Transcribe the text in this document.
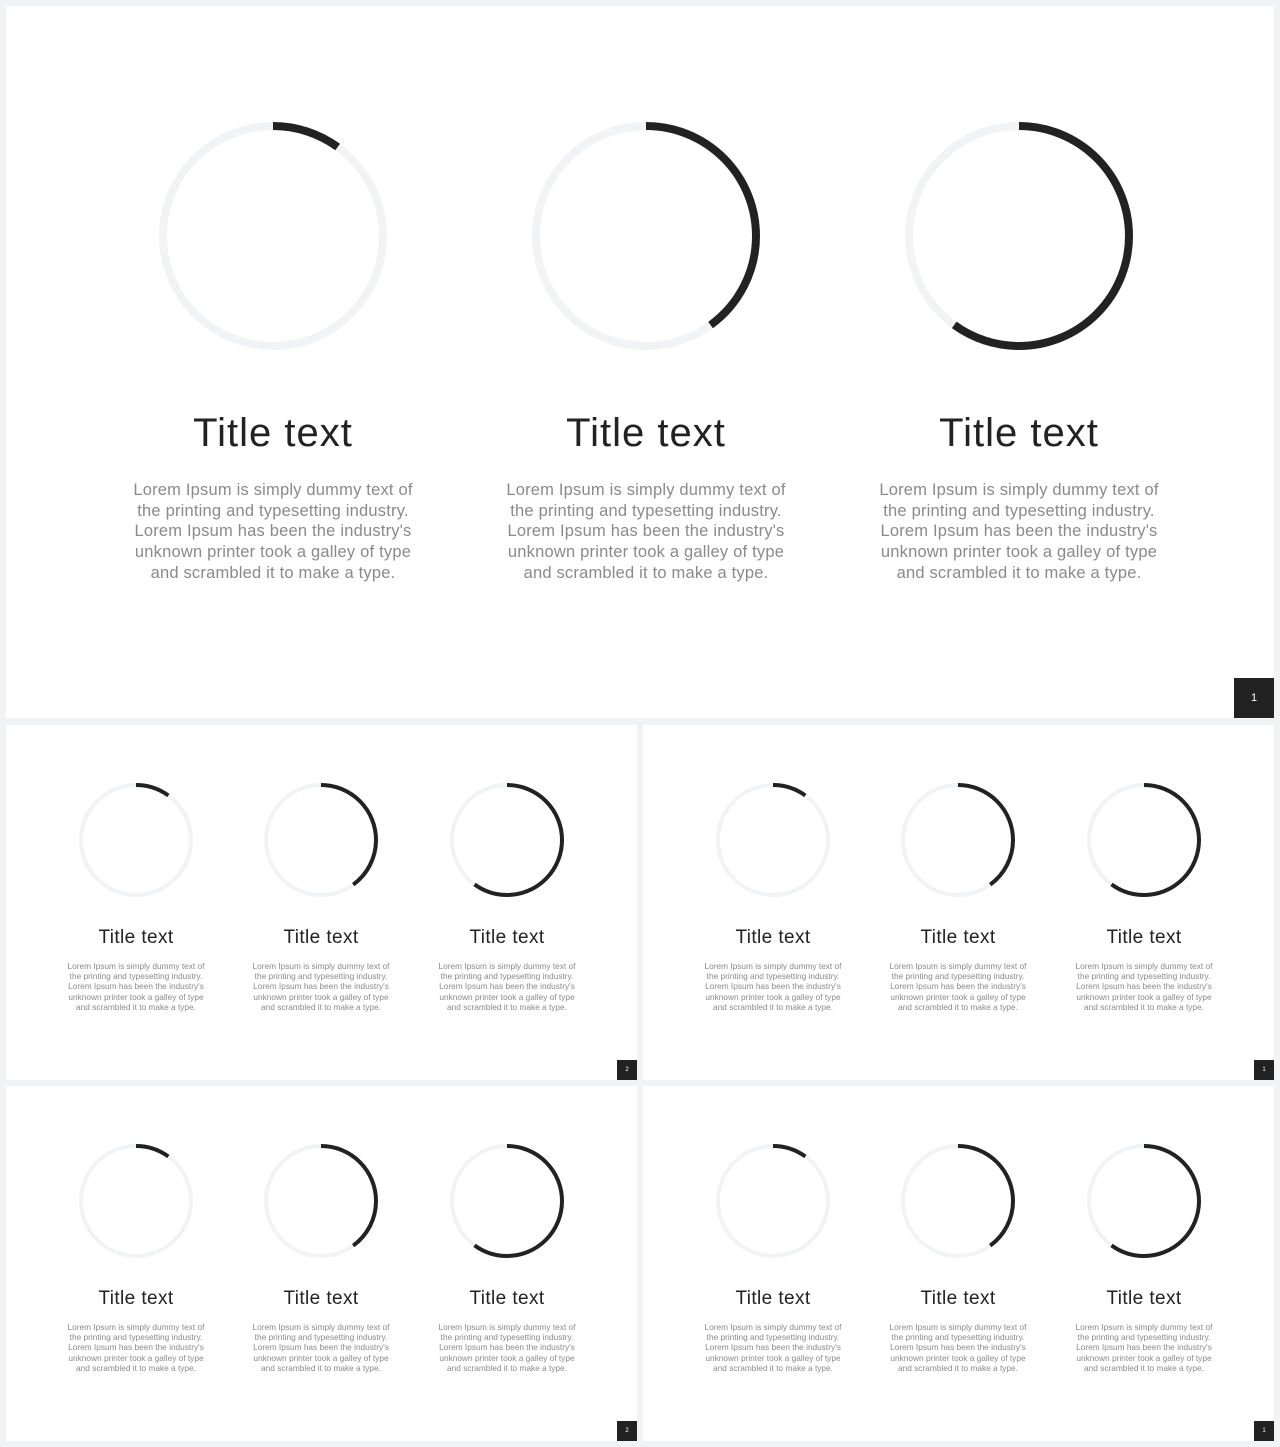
Title text
Lorem Ipsum is simply dummy text of the printing and typesetting industry. Lorem Ipsum has been the industry's unknown printer took a galley of type and scrambled it to make a type.
Title text
Lorem Ipsum is simply dummy text of the printing and typesetting industry. Lorem Ipsum has been the industry's unknown printer took a galley of type and scrambled it to make a type.
Title text
Lorem Ipsum is simply dummy text of the printing and typesetting industry. Lorem Ipsum has been the industry's unknown printer took a galley of type and scrambled it to make a type.
1
Title text
Lorem Ipsum is simply dummy text of the printing and typesetting industry. Lorem Ipsum has been the industry's unknown printer took a galley of type and scrambled it to make a type.
Title text
Lorem Ipsum is simply dummy text of the printing and typesetting industry. Lorem Ipsum has been the industry's unknown printer took a galley of type and scrambled it to make a type.
Title text
Lorem Ipsum is simply dummy text of the printing and typesetting industry. Lorem Ipsum has been the industry's unknown printer took a galley of type and scrambled it to make a type.
2
Title text
Lorem Ipsum is simply dummy text of the printing and typesetting industry. Lorem Ipsum has been the industry's unknown printer took a galley of type and scrambled it to make a type.
Title text
Lorem Ipsum is simply dummy text of the printing and typesetting industry. Lorem Ipsum has been the industry's unknown printer took a galley of type and scrambled it to make a type.
Title text
Lorem Ipsum is simply dummy text of the printing and typesetting industry. Lorem Ipsum has been the industry's unknown printer took a galley of type and scrambled it to make a type.
1
Title text
Lorem Ipsum is simply dummy text of the printing and typesetting industry. Lorem Ipsum has been the industry's unknown printer took a galley of type and scrambled it to make a type.
Title text
Lorem Ipsum is simply dummy text of the printing and typesetting industry. Lorem Ipsum has been the industry's unknown printer took a galley of type and scrambled it to make a type.
Title text
Lorem Ipsum is simply dummy text of the printing and typesetting industry. Lorem Ipsum has been the industry's unknown printer took a galley of type and scrambled it to make a type.
2
Title text
Lorem Ipsum is simply dummy text of the printing and typesetting industry. Lorem Ipsum has been the industry's unknown printer took a galley of type and scrambled it to make a type.
Title text
Lorem Ipsum is simply dummy text of the printing and typesetting industry. Lorem Ipsum has been the industry's unknown printer took a galley of type and scrambled it to make a type.
Title text
Lorem Ipsum is simply dummy text of the printing and typesetting industry. Lorem Ipsum has been the industry's unknown printer took a galley of type and scrambled it to make a type.
1
